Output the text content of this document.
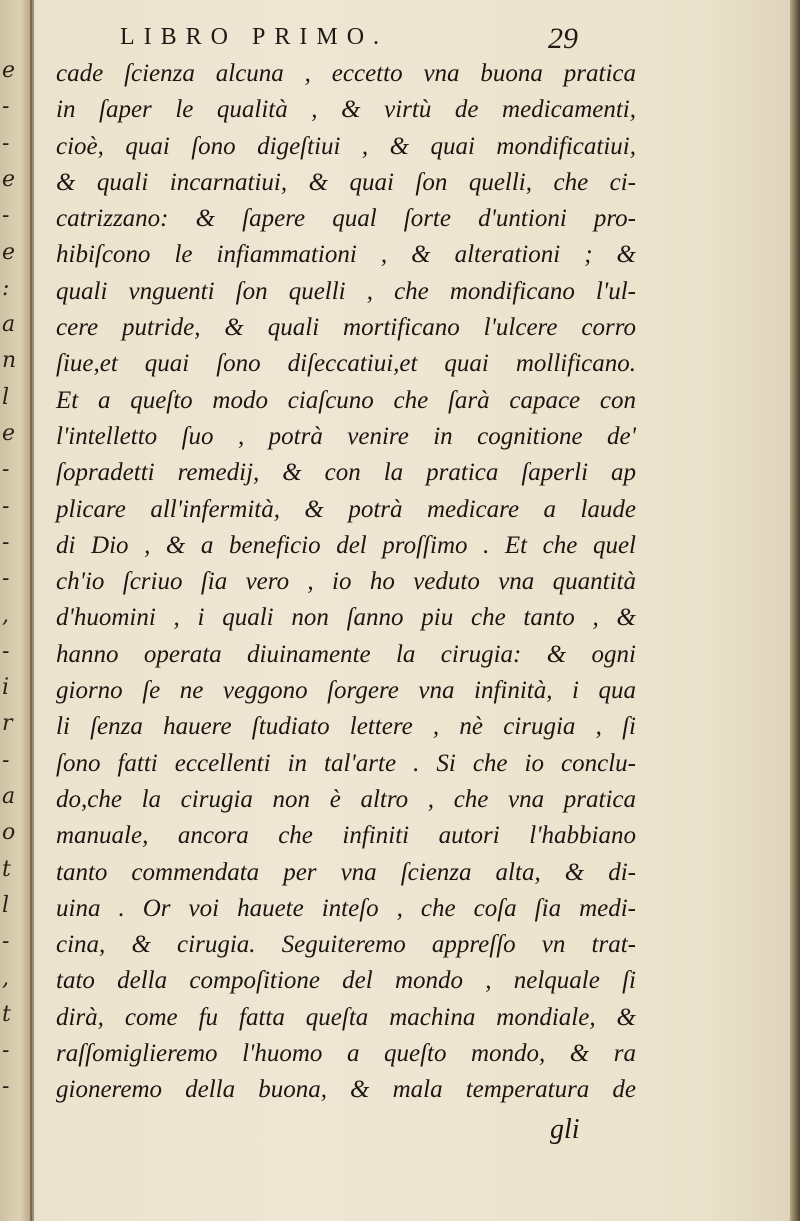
e
-
-
e
-
e
:
a
n
l
e
-
-
-
-
,
-
i
r
-
a
o
t
l
-
,
t
-
-
LIBRO PRIMO.	29
cade ſcienza alcuna , eccetto vna buona pratica
in ſaper le qualità , & virtù de medicamenti,
cioè, quai ſono digeſtiui , & quai mondificatiui,
& quali incarnatiui, & quai ſon quelli, che ci-
catrizzano: & ſapere qual ſorte d'untioni pro-
hibiſcono le infiammationi , & alterationi ; &
quali vnguenti ſon quelli , che mondificano l'ul-
cere putride, & quali mortificano l'ulcere corro
ſiue,et quai ſono diſeccatiui,et quai mollificano.
Et a queſto modo ciaſcuno che ſarà capace con
l'intelletto ſuo , potrà venire in cognitione de'
ſopradetti remedij, & con la pratica ſaperli ap
plicare all'infermità, & potrà medicare a laude
di Dio , & a beneficio del proſſimo . Et che quel
ch'io ſcriuo ſia vero , io ho veduto vna quantità
d'huomini , i quali non ſanno piu che tanto , &
hanno operata diuinamente la cirugia: & ogni
giorno ſe ne veggono ſorgere vna infinità, i qua
li ſenza hauere ſtudiato lettere , nè cirugia , ſi
ſono fatti eccellenti in tal'arte . Si che io conclu-
do,che la cirugia non è altro , che vna pratica
manuale, ancora che infiniti autori l'habbiano
tanto commendata per vna ſcienza alta, & di-
uina . Or voi hauete inteſo , che coſa ſia medi-
cina, & cirugia. Seguiteremo appreſſo vn trat-
tato della compoſitione del mondo , nelquale ſi
dirà, come fu fatta queſta machina mondiale, &
raſſomiglieremo l'huomo a queſto mondo, & ra
gioneremo della buona, & mala temperatura de
gli
